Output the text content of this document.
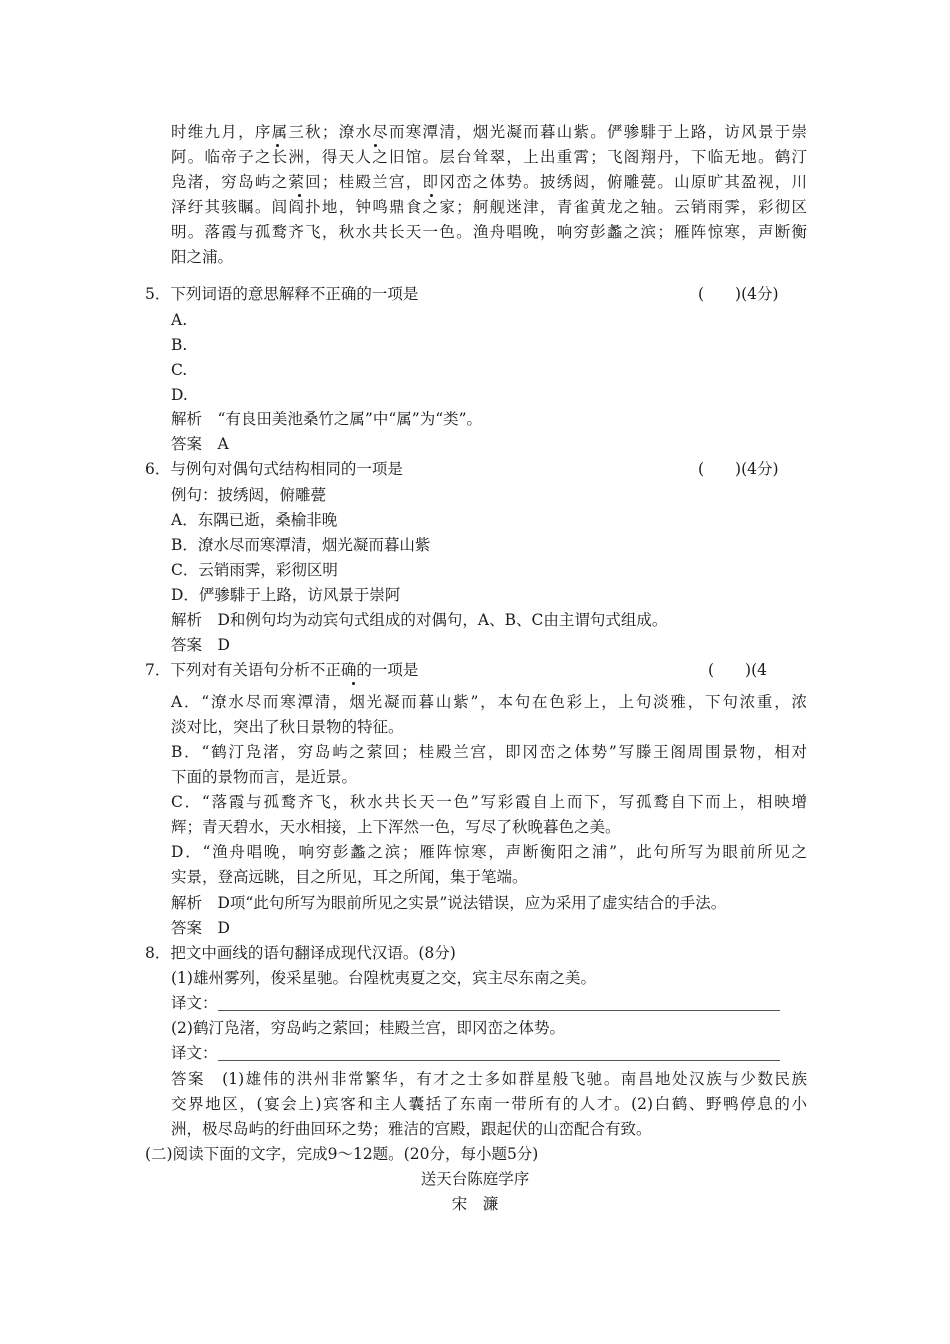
时维九月，序属三秋；潦水尽而寒潭清，烟光凝而暮山紫。俨骖騑于上路，访风景于崇
阿。临帝子之长洲，得天人之旧馆。层台耸翠，上出重霄；飞阁翔丹，下临无地。鹤汀
凫渚，穷岛屿之萦回；桂殿兰宫，即冈峦之体势。披绣闼，俯雕甍。山原旷其盈视，川
泽纡其骇瞩。闾阎扑地，钟鸣鼎食之家；舸舰迷津，青雀黄龙之轴。云销雨霁，彩彻区
明。落霞与孤鹜齐飞，秋水共长天一色。渔舟唱晚，响穷彭蠡之滨；雁阵惊寒，声断衡
阳之浦。
5．下列词语的意思解释不正确的一项是	(　　)(4分)
A.
B.
C.
D.
解析　“有良田美池桑竹之属”中“属”为“类”。
答案　A
6．与例句对偶句式结构相同的一项是	(　　)(4分)
例句：披绣闼，俯雕甍
A．东隅已逝，桑榆非晚
B．潦水尽而寒潭清，烟光凝而暮山紫
C．云销雨霁，彩彻区明
D．俨骖騑于上路，访风景于崇阿
解析　D和例句均为动宾句式组成的对偶句，A、B、C由主谓句式组成。
答案　D
7．下列对有关语句分析不正确的一项是	(　　)(4
A．“潦水尽而寒潭清，烟光凝而暮山紫”，本句在色彩上，上句淡雅，下句浓重，浓
淡对比，突出了秋日景物的特征。
B．“鹤汀凫渚，穷岛屿之萦回；桂殿兰宫，即冈峦之体势”写滕王阁周围景物，相对
下面的景物而言，是近景。
C．“落霞与孤鹜齐飞，秋水共长天一色”写彩霞自上而下，写孤鹜自下而上，相映增
辉；青天碧水，天水相接，上下浑然一色，写尽了秋晚暮色之美。
D．“渔舟唱晚，响穷彭蠡之滨；雁阵惊寒，声断衡阳之浦”，此句所写为眼前所见之
实景，登高远眺，目之所见，耳之所闻，集于笔端。
解析　D项“此句所写为眼前所见之实景”说法错误，应为采用了虚实结合的手法。
答案　D
8．把文中画线的语句翻译成现代汉语。(8分)
(1)雄州雾列，俊采星驰。台隍枕夷夏之交，宾主尽东南之美。
译文：
(2)鹤汀凫渚，穷岛屿之萦回；桂殿兰宫，即冈峦之体势。
译文：
答案　(1)雄伟的洪州非常繁华，有才之士多如群星般飞驰。南昌地处汉族与少数民族
交界地区，(宴会上)宾客和主人囊括了东南一带所有的人才。(2)白鹤、野鸭停息的小
洲，极尽岛屿的纡曲回环之势；雅洁的宫殿，跟起伏的山峦配合有致。
(二)阅读下面的文字，完成9～12题。(20分，每小题5分)
送天台陈庭学序
宋　濂
